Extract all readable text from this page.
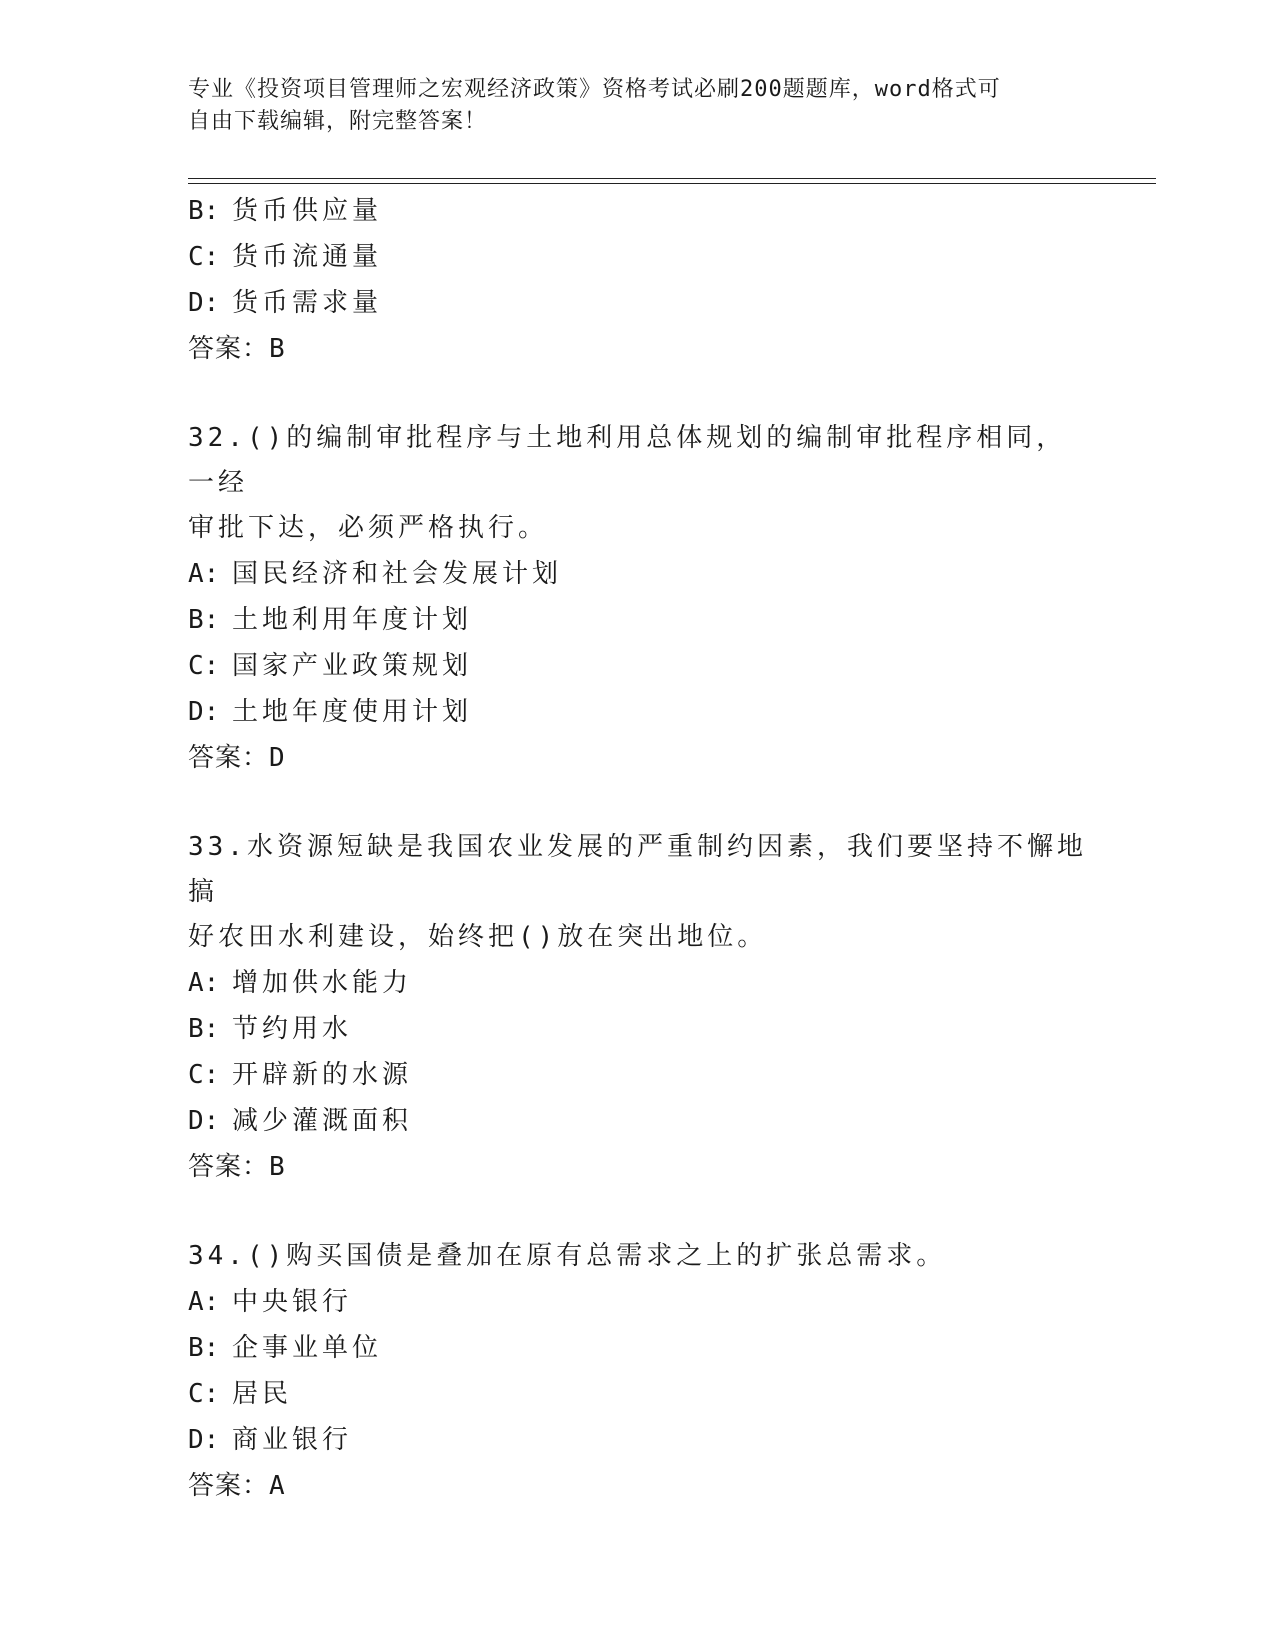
专业《投资项目管理师之宏观经济政策》资格考试必刷200题题库，word格式可
自由下载编辑，附完整答案！
B: 货币供应量
C: 货币流通量
D: 货币需求量
答案：B
32.()的编制审批程序与土地利用总体规划的编制审批程序相同，一经
审批下达，必须严格执行。
A: 国民经济和社会发展计划
B: 土地利用年度计划
C: 国家产业政策规划
D: 土地年度使用计划
答案：D
33.水资源短缺是我国农业发展的严重制约因素，我们要坚持不懈地搞
好农田水利建设，始终把()放在突出地位。
A: 增加供水能力
B: 节约用水
C: 开辟新的水源
D: 减少灌溉面积
答案：B
34.()购买国债是叠加在原有总需求之上的扩张总需求。
A: 中央银行
B: 企事业单位
C: 居民
D: 商业银行
答案：A
